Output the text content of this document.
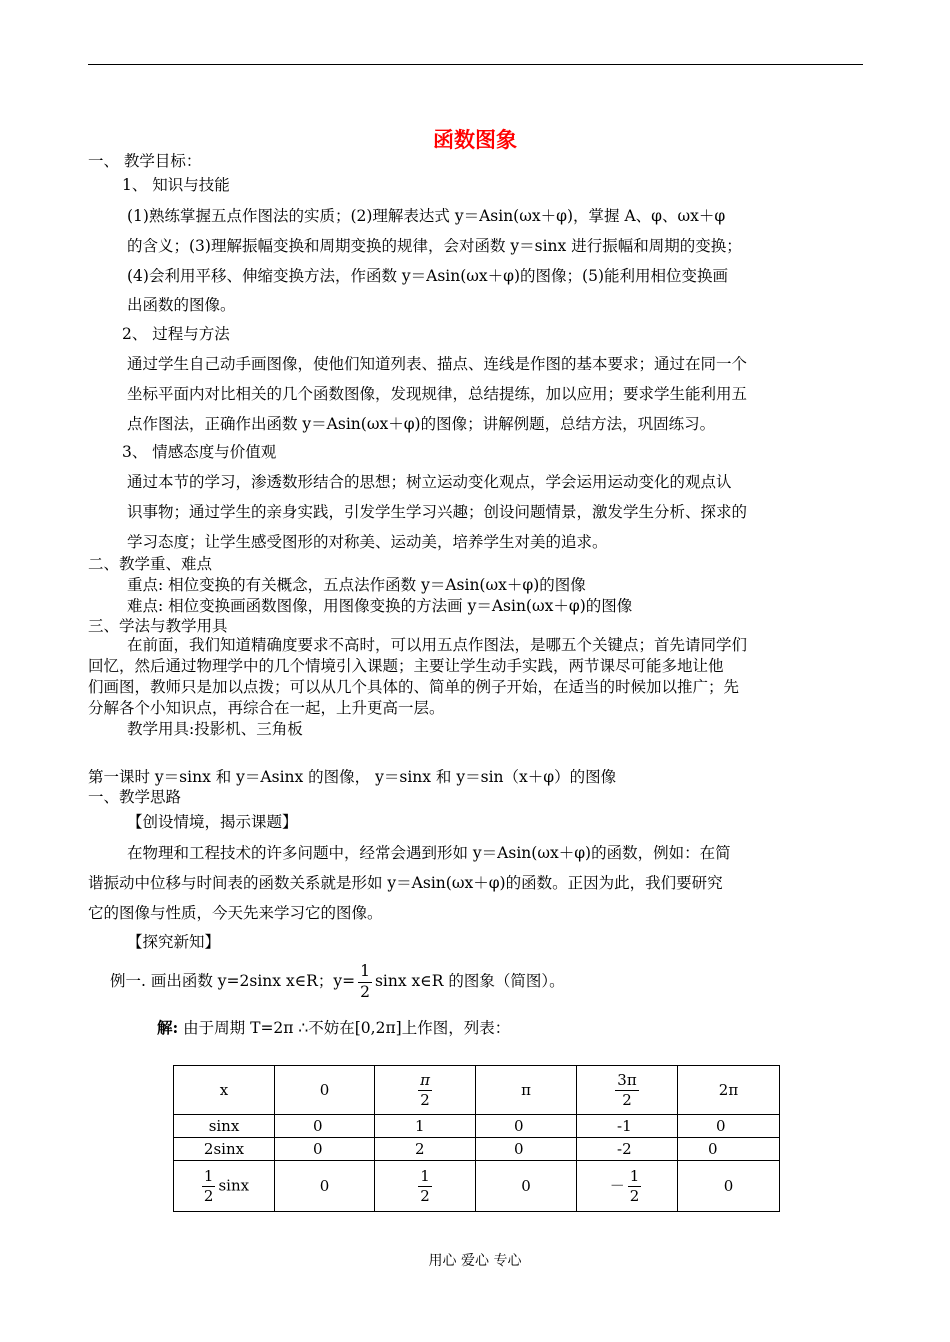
函数图象
一、 教学目标：
1、 知识与技能
(1)熟练掌握五点作图法的实质；(2)理解表达式 y＝Asin(ωx＋φ)，掌握 A、φ、ωx＋φ
的含义；(3)理解振幅变换和周期变换的规律，会对函数 y＝sinx 进行振幅和周期的变换；
(4)会利用平移、伸缩变换方法，作函数 y＝Asin(ωx＋φ)的图像；(5)能利用相位变换画
出函数的图像。
2、 过程与方法
通过学生自己动手画图像，使他们知道列表、描点、连线是作图的基本要求；通过在同一个
坐标平面内对比相关的几个函数图像，发现规律，总结提练，加以应用；要求学生能利用五
点作图法，正确作出函数 y＝Asin(ωx＋φ)的图像；讲解例题，总结方法，巩固练习。
3、 情感态度与价值观
通过本节的学习，渗透数形结合的思想；树立运动变化观点，学会运用运动变化的观点认
识事物；通过学生的亲身实践，引发学生学习兴趣；创设问题情景，激发学生分析、探求的
学习态度；让学生感受图形的对称美、运动美，培养学生对美的追求。
二、教学重、难点
重点: 相位变换的有关概念，五点法作函数 y＝Asin(ωx＋φ)的图像
难点: 相位变换画函数图像，用图像变换的方法画 y＝Asin(ωx＋φ)的图像
三、学法与教学用具
在前面，我们知道精确度要求不高时，可以用五点作图法，是哪五个关键点；首先请同学们
回忆，然后通过物理学中的几个情境引入课题；主要让学生动手实践，两节课尽可能多地让他
们画图，教师只是加以点拨；可以从几个具体的、简单的例子开始，在适当的时候加以推广；先
分解各个小知识点，再综合在一起，上升更高一层。
教学用具:投影机、三角板
第一课时 y＝sinx 和 y＝Asinx 的图像， y＝sinx 和 y＝sin（x＋φ）的图像
一、教学思路
【创设情境，揭示课题】
在物理和工程技术的许多问题中，经常会遇到形如 y＝Asin(ωx＋φ)的函数，例如：在简
谐振动中位移与时间表的函数关系就是形如 y＝Asin(ωx＋φ)的函数。正因为此，我们要研究
它的图像与性质，今天先来学习它的图像。
【探究新知】
例一. 画出函数 y=2sinx x∈R；$y= \frac{1}{2}$ sinx x∈R 的图象（简图）。
解: 由于周期 T=2π ∴不妨在[0,2π]上作图，列表：
x	0	$\frac{\pi}{2}$	π	$\frac{3\pi}{2}$	2π
sinx	0	1	0	-1	0
2sinx	0	2	0	-2	0

$\frac{1}{2}$ sinx	0	$\frac{1}{2}$	0	－ $\frac{1}{2}$	0
用心 爱心 专心
